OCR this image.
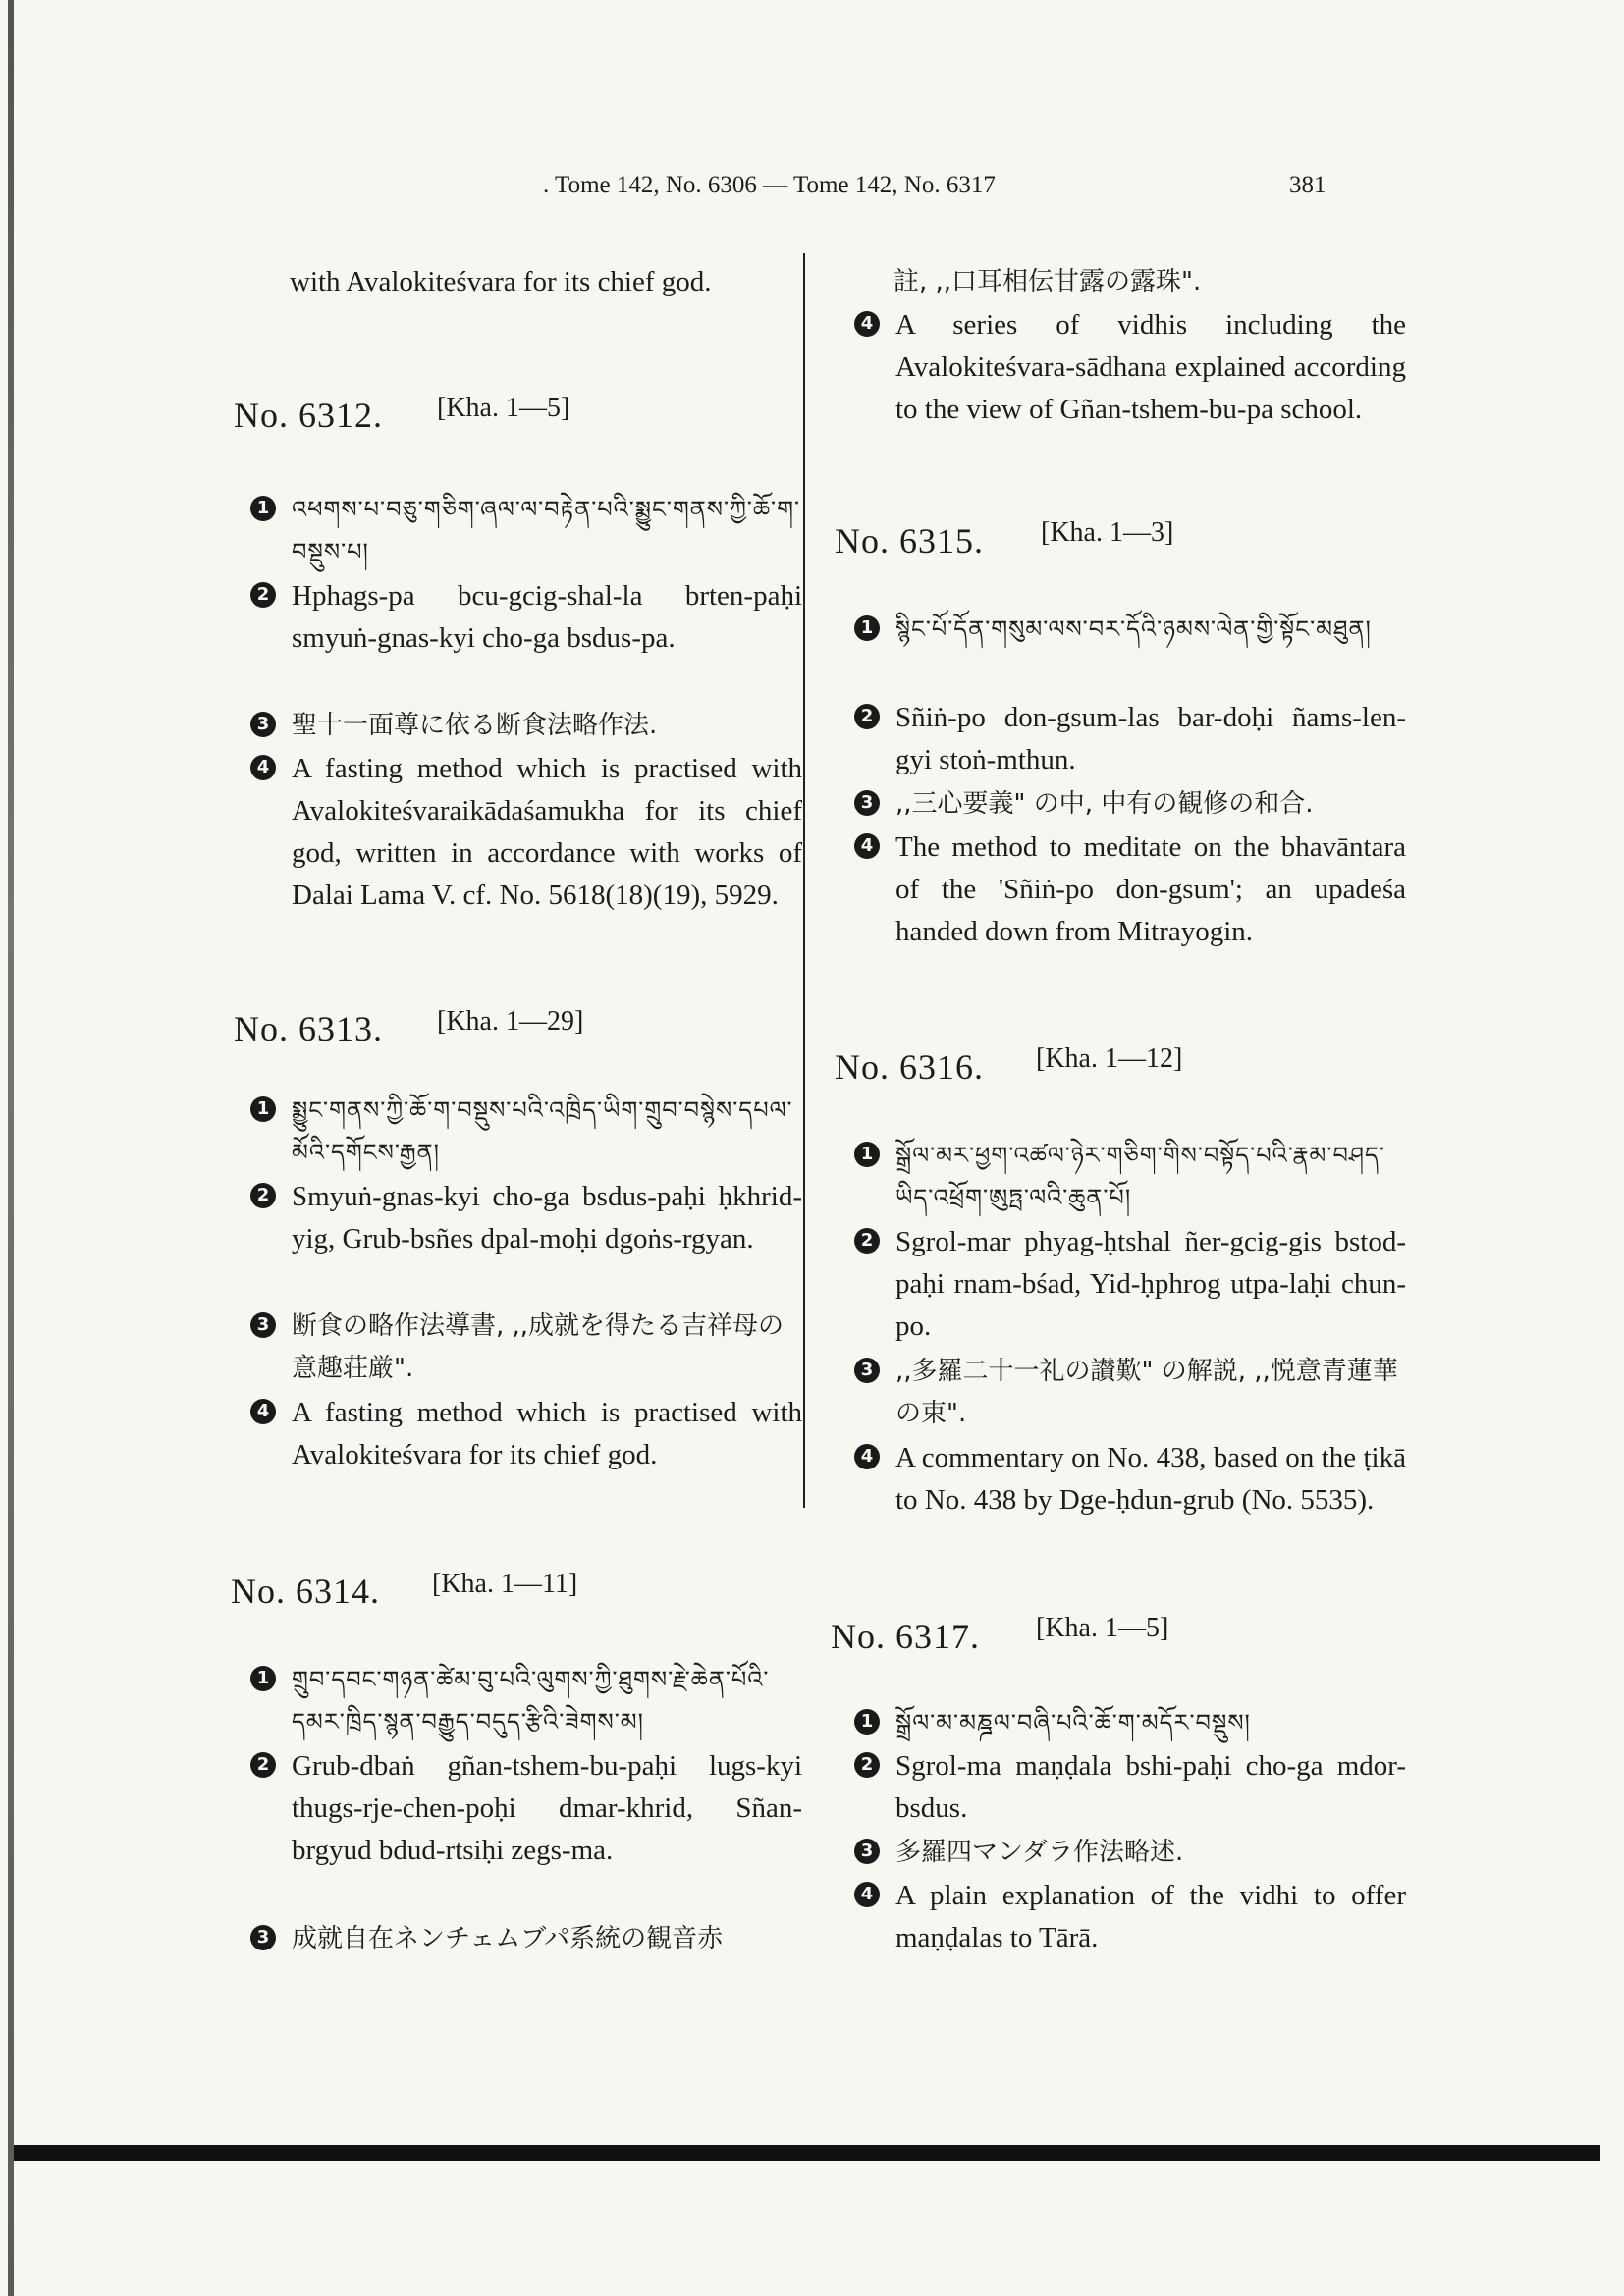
. Tome 142, No. 6306 — Tome 142, No. 6317	381
with Avalokiteśvara for its chief god.
No. 6312. [Kha. 1—5]
1 འཕགས་པ་བཅུ་གཅིག་ཞལ་ལ་བརྟེན་པའི་སྨྱུང་གནས་ཀྱི་ཆོ་ག་བསྡུས་པ།
2 Hphags-pa bcu-gcig-shal-la brten-paḥi smyuṅ-gnas-kyi cho-ga bsdus-pa.
3 聖十一面尊に依る断食法略作法.
4 A fasting method which is practised with Avalokiteśvaraikādaśamukha for its chief god, written in accordance with works of Dalai Lama V. cf. No. 5618(18)(19), 5929.
No. 6313. [Kha. 1—29]
1 སྨྱུང་གནས་ཀྱི་ཆོ་ག་བསྡུས་པའི་འཁྲིད་ཡིག་གྲུབ་བསྙེས་དཔལ་མོའི་དགོངས་རྒྱན།
2 Smyuṅ-gnas-kyi cho-ga bsdus-paḥi ḥkhrid-yig, Grub-bsñes dpal-moḥi dgoṅs-rgyan.
3 断食の略作法導書, ,,成就を得たる吉祥母の意趣荘厳".
4 A fasting method which is practised with Avalokiteśvara for its chief god.
No. 6314. [Kha. 1—11]
1 གྲུབ་དབང་གཉན་ཚེམ་བུ་པའི་ལུགས་ཀྱི་ཐུགས་རྗེ་ཆེན་པོའི་དམར་ཁྲིད་སྙན་བརྒྱུད་བདུད་རྩིའི་ཟེགས་མ།
2 Grub-dbaṅ gñan-tshem-bu-paḥi lugs-kyi thugs-rje-chen-poḥi dmar-khrid, Sñan-brgyud bdud-rtsiḥi zegs-ma.
3 成就自在ネンチェムブパ系統の観音赤
註, ,,口耳相伝甘露の露珠".
4 A series of vidhis including the Avalokiteśvara-sādhana explained according to the view of Gñan-tshem-bu-pa school.
No. 6315. [Kha. 1—3]
1 སྙིང་པོ་དོན་གསུམ་ལས་བར་དོའི་ཉམས་ལེན་གྱི་སྟོང་མཐུན།
2 Sñiṅ-po don-gsum-las bar-doḥi ñams-len-gyi stoṅ-mthun.
3 ,,三心要義" の中, 中有の観修の和合.
4 The method to meditate on the bhavāntara of the 'Sñiṅ-po don-gsum'; an upadeśa handed down from Mitrayogin.
No. 6316. [Kha. 1—12]
1 སྒྲོལ་མར་ཕྱག་འཚལ་ཉེར་གཅིག་གིས་བསྟོད་པའི་རྣམ་བཤད་ཡིད་འཕྲོག་ཨུཏྤ་ལའི་ཆུན་པོ།
2 Sgrol-mar phyag-ḥtshal ñer-gcig-gis bstod-paḥi rnam-bśad, Yid-ḥphrog utpa-laḥi chun-po.
3 ,,多羅二十一礼の讃歎" の解説, ,,悦意青蓮華の束".
4 A commentary on No. 438, based on the ṭikā to No. 438 by Dge-ḥdun-grub (No. 5535).
No. 6317. [Kha. 1—5]
1 སྒྲོལ་མ་མཎྜལ་བཞི་པའི་ཆོ་ག་མདོར་བསྡུས།
2 Sgrol-ma maṇḍala bshi-paḥi cho-ga mdor-bsdus.
3 多羅四マンダラ作法略述.
4 A plain explanation of the vidhi to offer maṇḍalas to Tārā.
